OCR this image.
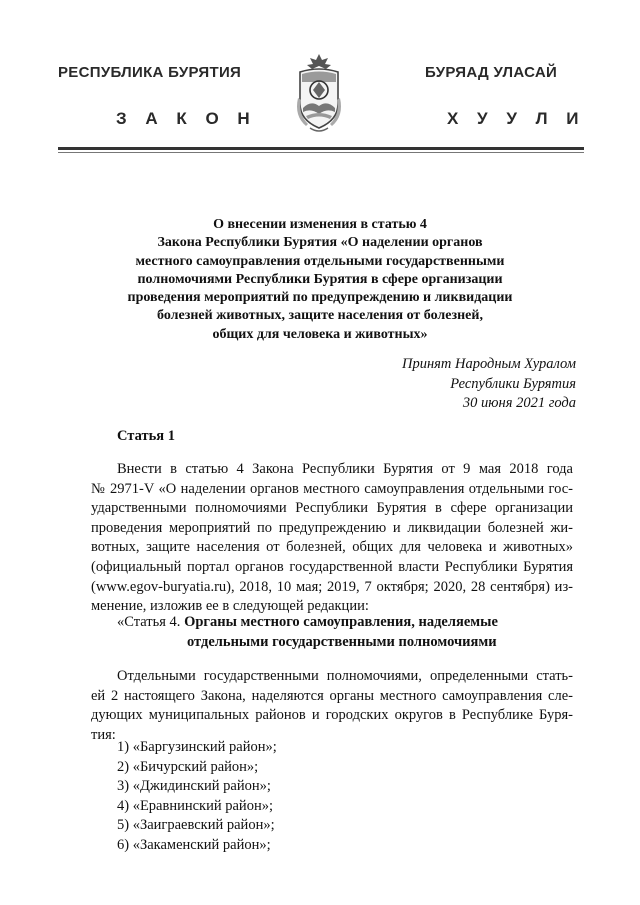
РЕСПУБЛИКА БУРЯТИЯ	БУРЯАД УЛАСАЙ
З А К О Н	Х У У Л И
О внесении изменения в статью 4
Закона Республики Бурятия «О наделении органов
местного самоуправления отдельными государственными
полномочиями Республики Бурятия в сфере организации
проведения мероприятий по предупреждению и ликвидации
болезней животных, защите населения от болезней,
общих для человека и животных»
Принят Народным Хуралом
Республики Бурятия
30 июня 2021 года
Статья 1
Внести в статью 4 Закона Республики Бурятия от 9 мая 2018 года
№ 2971-V «О наделении органов местного самоуправления отдельными гос-
ударственными полномочиями Республики Бурятия в сфере организации
проведения мероприятий по предупреждению и ликвидации болезней жи-
вотных, защите населения от болезней, общих для человека и животных»
(официальный портал органов государственной власти Республики Бурятия
(www.egov-buryatia.ru), 2018, 10 мая; 2019, 7 октября; 2020, 28 сентября) из-
менение, изложив ее в следующей редакции:
«Статья 4. Органы местного самоуправления, наделяемые
отдельными государственными полномочиями
Отдельными государственными полномочиями, определенными стать-
ей 2 настоящего Закона, наделяются органы местного самоуправления сле-
дующих муниципальных районов и городских округов в Республике Буря-
тия:
1) «Баргузинский район»;
2) «Бичурский район»;
3) «Джидинский район»;
4) «Еравнинский район»;
5) «Заиграевский район»;
6) «Закаменский район»;
